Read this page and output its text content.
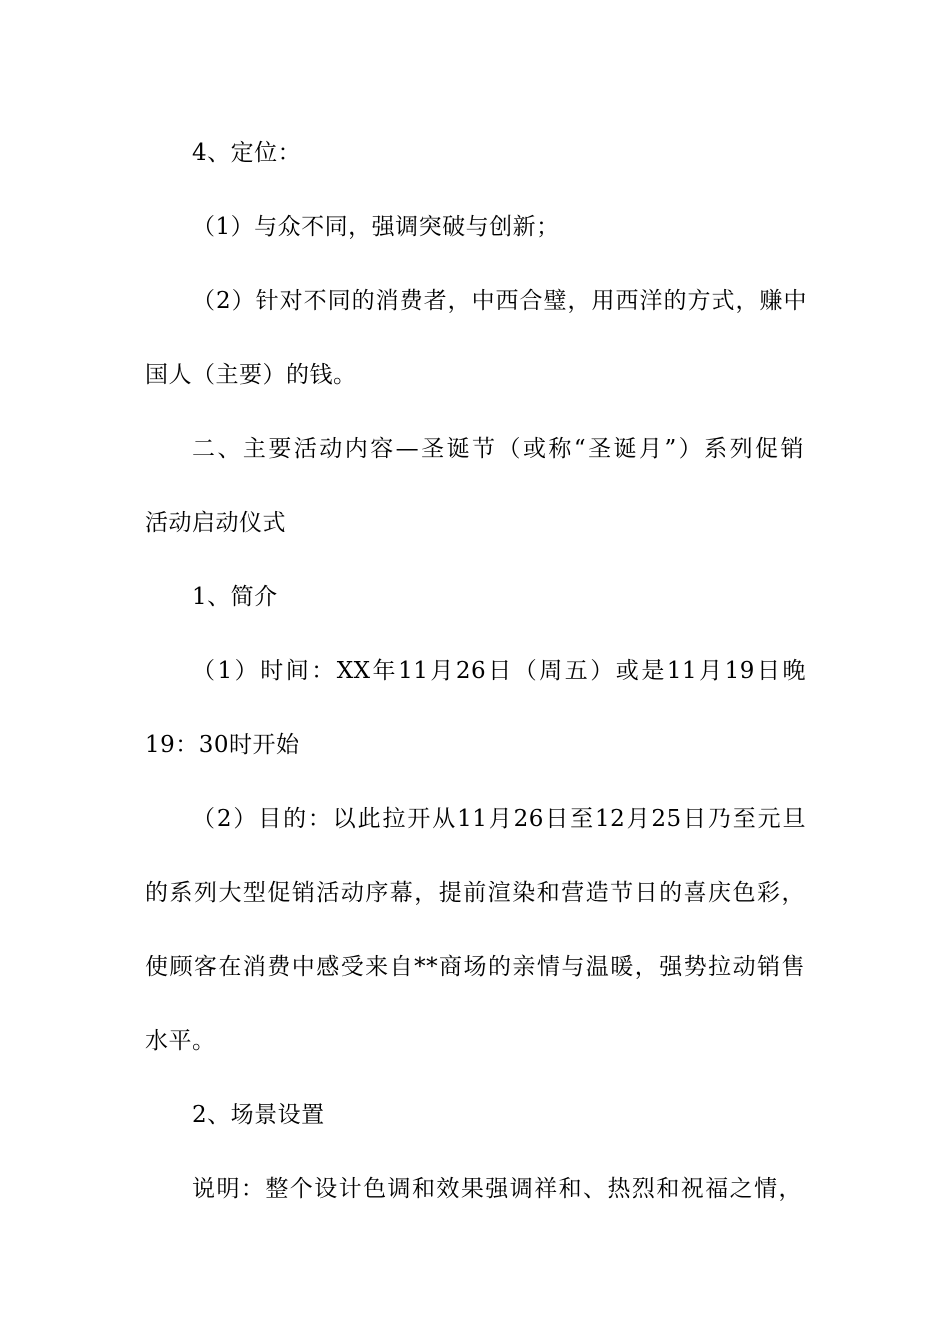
4、定位：
（1）与众不同，强调突破与创新；
（2）针对不同的消费者，中西合璧，用西洋的方式，赚中
国人（主要）的钱。
二、主要活动内容—圣诞节（或称“圣诞月”）系列促销
活动启动仪式
1、简介
（1）时间：XX年11月26日（周五）或是11月19日晚
19：30时开始
（2）目的：以此拉开从11月26日至12月25日乃至元旦
的系列大型促销活动序幕，提前渲染和营造节日的喜庆色彩，
使顾客在消费中感受来自**商场的亲情与温暖，强势拉动销售
水平。
2、场景设置
说明：整个设计色调和效果强调祥和、热烈和祝福之情，
